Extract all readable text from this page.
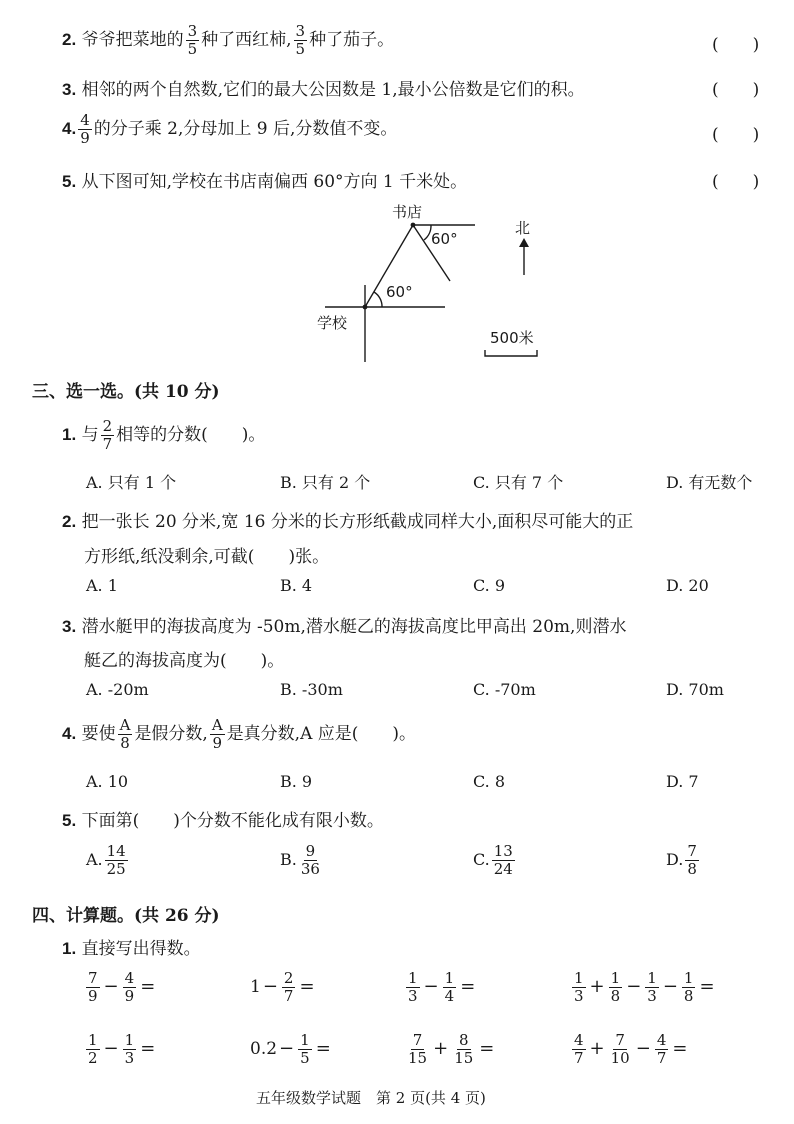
2. 爷爷把菜地的 $\frac{3}{5}$ 种了西红柿, $\frac{3}{5}$ 种了茄子。	(　　)
3. 相邻的两个自然数,它们的最大公因数是 1,最小公倍数是它们的积。	(　　)
4. $\frac{4}{9}$ 的分子乘 2,分母加上 9 后,分数值不变。	(　　)
5. 从下图可知,学校在书店南偏西 60°方向 1 千米处。	(　　)
书店
学校
北
60°
60°
500米
三、选一选。(共 10 分)
1. 与 $\frac{2}{7}$ 相等的分数(　　)。
A. 只有 1 个	B. 只有 2 个	C. 只有 7 个	D. 有无数个
2. 把一张长 20 分米,宽 16 分米的长方形纸截成同样大小,面积尽可能大的正
方形纸,纸没剩余,可截(　　)张。
A. 1	B. 4	C. 9	D. 20
3. 潜水艇甲的海拔高度为 -50m,潜水艇乙的海拔高度比甲高出 20m,则潜水
艇乙的海拔高度为(　　)。
A. -20m	B. -30m	C. -70m	D. 70m
4. 要使 $\frac{A}{8}$ 是假分数, $\frac{A}{9}$ 是真分数,A 应是(　　)。
A. 10	B. 9	C. 8	D. 7
5. 下面第(　　)个分数不能化成有限小数。
A. $\frac{14}{25}$	B. $\frac{9}{36}$	C. $\frac{13}{24}$	D. $\frac{7}{8}$
四、计算题。(共 26 分)
1. 直接写出得数。
$\frac{7}{9} - \frac{4}{9}$ =	$1 - \frac{2}{7}$ =	$\frac{1}{3} - \frac{1}{4}$ =	$\frac{1}{3} + \frac{1}{8} - \frac{1}{3} - \frac{1}{8}$ =
$\frac{1}{2} - \frac{1}{3}$ =	$0.2 - \frac{1}{5}$ =	$\frac{7}{15} + \frac{8}{15}$ =	$\frac{4}{7} + \frac{7}{10} - \frac{4}{7}$ =
五年级数学试题　第 2 页(共 4 页)
